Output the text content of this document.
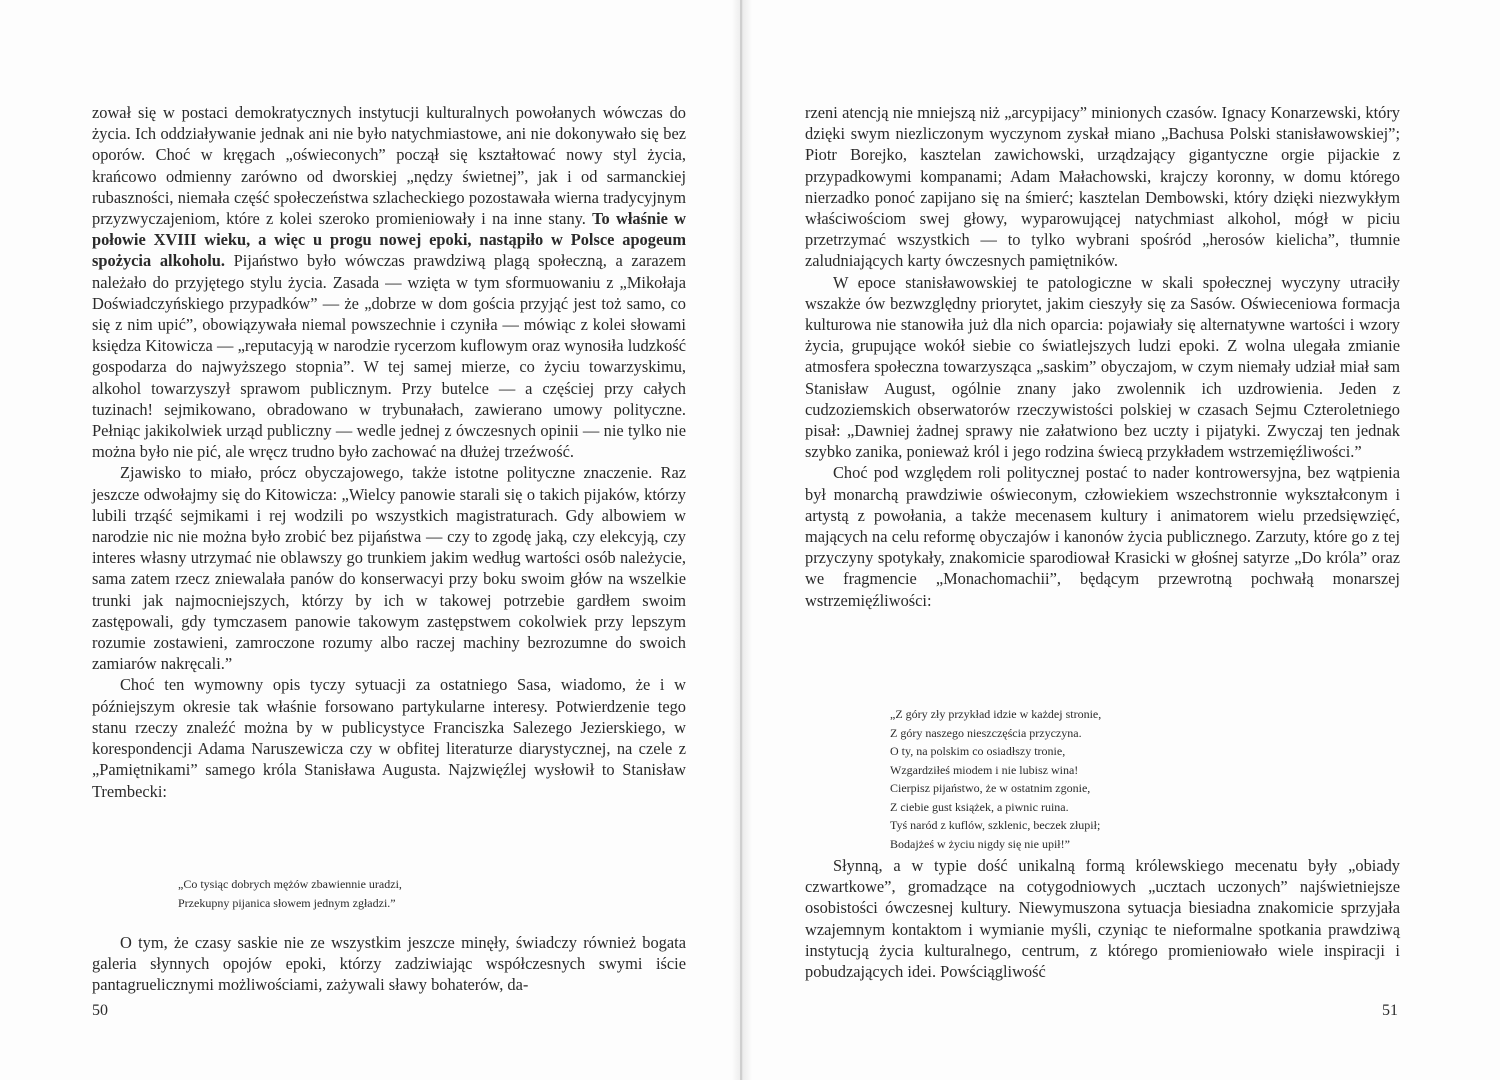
zował się w postaci demokratycznych instytucji kulturalnych powołanych wówczas do życia. Ich oddziaływanie jednak ani nie było natychmiastowe, ani nie dokonywało się bez oporów. Choć w kręgach „oświeconych” począł się kształtować nowy styl życia, krańcowo odmienny zarówno od dworskiej „nędzy świetnej”, jak i od sarmanckiej rubaszności, niemała część społeczeństwa szlacheckiego pozostawała wierna tradycyjnym przyzwyczajeniom, które z kolei szeroko promieniowały i na inne stany. To właśnie w połowie XVIII wieku, a więc u progu nowej epoki, nastąpiło w Polsce apogeum spożycia alkoholu. Pijaństwo było wówczas prawdziwą plagą społeczną, a zarazem należało do przyjętego stylu życia. Zasada — wzięta w tym sformuowaniu z „Mikołaja Doświadczyńskiego przypadków” — że „dobrze w dom gościa przyjąć jest toż samo, co się z nim upić”, obowiązywała niemal powszechnie i czyniła — mówiąc z kolei słowami księdza Kitowicza — „reputacyją w narodzie rycerzom kuflowym oraz wynosiła ludzkość gospodarza do najwyższego stopnia”. W tej samej mierze, co życiu towarzyskimu, alkohol towarzyszył sprawom publicznym. Przy butelce — a częściej przy całych tuzinach! sejmikowano, obradowano w trybunałach, zawierano umowy polityczne. Pełniąc jakikolwiek urząd publiczny — wedle jednej z ówczesnych opinii — nie tylko nie można było nie pić, ale wręcz trudno było zachować na dłużej trzeźwość.

Zjawisko to miało, prócz obyczajowego, także istotne polityczne znaczenie. Raz jeszcze odwołajmy się do Kitowicza: „Wielcy panowie starali się o takich pijaków, którzy lubili trząść sejmikami i rej wodzili po wszystkich magistraturach. Gdy albowiem w narodzie nic nie można było zrobić bez pijaństwa — czy to zgodę jaką, czy elekcyją, czy interes własny utrzymać nie oblawszy go trunkiem jakim według wartości osób należycie, sama zatem rzecz zniewalała panów do konserwacyi przy boku swoim głów na wszelkie trunki jak najmocniejszych, którzy by ich w takowej potrzebie gardłem swoim zastępowali, gdy tymczasem panowie takowym zastępstwem cokolwiek przy lepszym rozumie zostawieni, zamroczone rozumy albo raczej machiny bezrozumne do swoich zamiarów nakręcali.”

Choć ten wymowny opis tyczy sytuacji za ostatniego Sasa, wiadomo, że i w późniejszym okresie tak właśnie forsowano partykularne interesy. Potwierdzenie tego stanu rzeczy znaleźć można by w publicystyce Franciszka Salezego Jezierskiego, w korespondencji Adama Naruszewicza czy w obfitej literaturze diarystycznej, na czele z „Pamiętnikami” samego króla Stanisława Augusta. Najzwięźlej wysłowił to Stanisław Trembecki:

„Co tysiąc dobrych mężów zbawiennie uradzi,
Przekupny pijanica słowem jednym zgładzi.”

O tym, że czasy saskie nie ze wszystkim jeszcze minęły, świadczy również bogata galeria słynnych opojów epoki, którzy zadziwiając współczesnych swymi iście pantagruelicznymi możliwościami, zażywali sławy bohaterów, da-

50

rzeni atencją nie mniejszą niż „arcypijacy” minionych czasów. Ignacy Konarzewski, który dzięki swym niezliczonym wyczynom zyskał miano „Bachusa Polski stanisławowskiej”; Piotr Borejko, kasztelan zawichowski, urządzający gigantyczne orgie pijackie z przypadkowymi kompanami; Adam Małachowski, krajczy koronny, w domu którego nierzadko ponoć zapijano się na śmierć; kasztelan Dembowski, który dzięki niezwykłym właściwościom swej głowy, wyparowującej natychmiast alkohol, mógł w piciu przetrzymać wszystkich — to tylko wybrani spośród „herosów kielicha”, tłumnie zaludniających karty ówczesnych pamiętników.

W epoce stanisławowskiej te patologiczne w skali społecznej wyczyny utraciły wszakże ów bezwzględny priorytet, jakim cieszyły się za Sasów. Oświeceniowa formacja kulturowa nie stanowiła już dla nich oparcia: pojawiały się alternatywne wartości i wzory życia, grupujące wokół siebie co światlejszych ludzi epoki. Z wolna ulegała zmianie atmosfera społeczna towarzysząca „saskim” obyczajom, w czym niemały udział miał sam Stanisław August, ogólnie znany jako zwolennik ich uzdrowienia. Jeden z cudzoziemskich obserwatorów rzeczywistości polskiej w czasach Sejmu Czteroletniego pisał: „Dawniej żadnej sprawy nie załatwiono bez uczty i pijatyki. Zwyczaj ten jednak szybko zanika, ponieważ król i jego rodzina świecą przykładem wstrzemięźliwości.”

Choć pod względem roli politycznej postać to nader kontrowersyjna, bez wątpienia był monarchą prawdziwie oświeconym, człowiekiem wszechstronnie wykształconym i artystą z powołania, a także mecenasem kultury i animatorem wielu przedsięwzięć, mających na celu reformę obyczajów i kanonów życia publicznego. Zarzuty, które go z tej przyczyny spotykały, znakomicie sparodiował Krasicki w głośnej satyrze „Do króla” oraz we fragmencie „Monachomachii”, będącym przewrotną pochwałą monarszej wstrzemięźliwości:

„Z góry zły przykład idzie w każdej stronie,
Z góry naszego nieszczęścia przyczyna.
O ty, na polskim co osiadłszy tronie,
Wzgardziłeś miodem i nie lubisz wina!
Cierpisz pijaństwo, że w ostatnim zgonie,
Z ciebie gust książek, a piwnic ruina.
Tyś naród z kuflów, szklenic, beczek złupił;
Bodajżeś w życiu nigdy się nie upił!”

Słynną, a w typie dość unikalną formą królewskiego mecenatu były „obiady czwartkowe”, gromadzące na cotygodniowych „ucztach uczonych” najświetniejsze osobistości ówczesnej kultury. Niewymuszona sytuacja biesiadna znakomicie sprzyjała wzajemnym kontaktom i wymianie myśli, czyniąc te nieformalne spotkania prawdziwą instytucją życia kulturalnego, centrum, z którego promieniowało wiele inspiracji i pobudzających idei. Powściągliwość

51
